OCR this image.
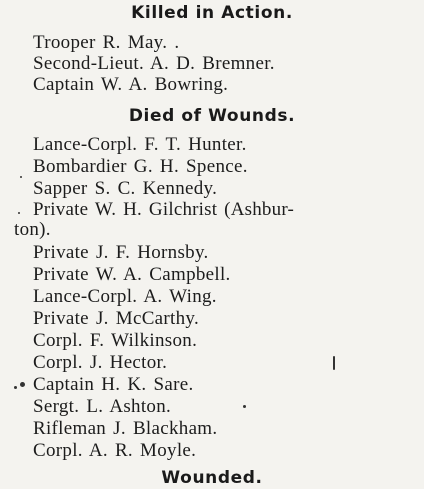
Killed in Action.
Trooper R. May. .
Second-Lieut. A. D. Bremner.
Captain W. A. Bowring.
Died of Wounds.
Lance-Corpl. F. T. Hunter.
Bombardier G. H. Spence.
Sapper S. C. Kennedy.
Private W. H. Gilchrist (Ashbur-
ton).
Private J. F. Hornsby.
Private W. A. Campbell.
Lance-Corpl. A. Wing.
Private J. McCarthy.
Corpl. F. Wilkinson.
Corpl. J. Hector.
Captain H. K. Sare.
Sergt. L. Ashton.
Rifleman J. Blackham.
Corpl. A. R. Moyle.
Wounded.
